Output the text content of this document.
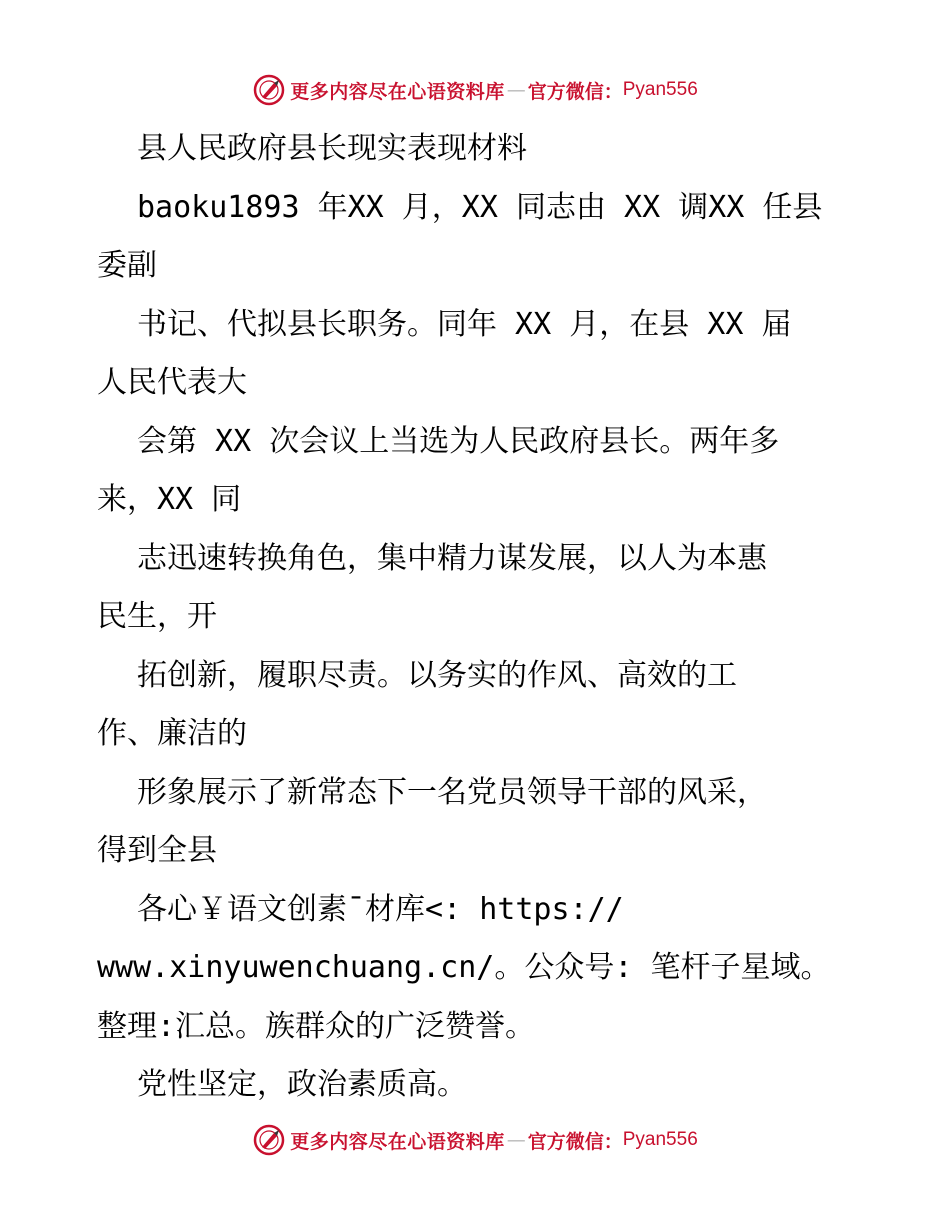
更多内容尽在心语资料库 — 官方微信： Pyan556
县人民政府县长现实表现材料
baoku1893 年XX 月，XX 同志由 XX 调XX 任县
委副
书记、代拟县长职务。同年 XX 月，在县 XX 届
人民代表大
会第 XX 次会议上当选为人民政府县长。两年多
来，XX 同
志迅速转换角色，集中精力谋发展，以人为本惠
民生，开
拓创新，履职尽责。以务实的作风、高效的工
作、廉洁的
形象展示了新常态下一名党员领导干部的风采，
得到全县
各心￥语文创素¯材库<: https://
www.xinyuwenchuang.cn/。公众号: 笔杆子星域。
整理:汇总。族群众的广泛赞誉。
党性坚定，政治素质高。
更多内容尽在心语资料库 — 官方微信： Pyan556
